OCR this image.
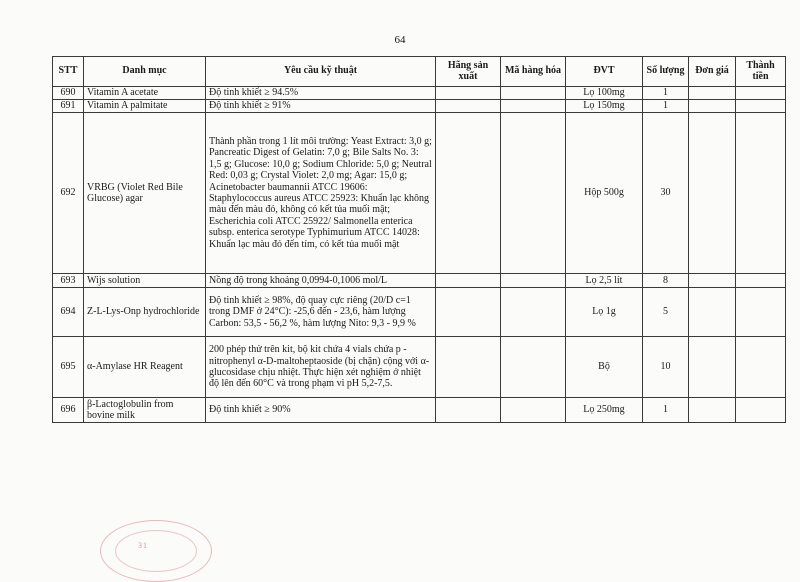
64
STT	Danh mục	Yêu cầu kỹ thuật	Hãng sản xuất	Mã hàng hóa	ĐVT	Số lượng	Đơn giá	Thành tiền
690	Vitamin A acetate	Độ tinh khiết ≥ 94.5%			Lọ 100mg	1		
691	Vitamin A palmitate	Độ tinh khiết ≥ 91%			Lọ 150mg	1		
692	VRBG (Violet Red Bile Glucose) agar	Thành phần trong 1 lít môi trường: Yeast Extract: 3,0 g; Pancreatic Digest of Gelatin: 7,0 g; Bile Salts No. 3: 1,5 g; Glucose: 10,0 g; Sodium Chloride: 5,0 g; Neutral Red: 0,03 g; Crystal Violet: 2,0 mg; Agar: 15,0 g; Acinetobacter baumannii ATCC 19606: Staphylococcus aureus ATCC 25923: Khuẩn lạc không màu đến màu đỏ, không có kết tủa muối mật; Escherichia coli ATCC 25922/ Salmonella enterica subsp. enterica serotype Typhimurium ATCC 14028: Khuẩn lạc màu đỏ đến tím, có kết tủa muối mật			Hộp 500g	30		
693	Wijs solution	Nồng độ trong khoảng 0,0994-0,1006 mol/L			Lọ 2,5 lít	8		
694	Z-L-Lys-Onp hydrochloride	Độ tinh khiết ≥ 98%, độ quay cực riêng (20/D c=1 trong DMF ở 24°C): -25,6 đến - 23,6, hàm lượng Carbon: 53,5 - 56,2 %, hàm lượng Nito: 9,3 - 9,9 %			Lọ 1g	5		
695	α-Amylase HR Reagent	200 phép thử trên kit, bộ kit chứa 4 vials chứa p - nitrophenyl α-D-maltoheptaoside (bị chặn) cộng với α-glucosidase chịu nhiệt. Thực hiện xét nghiệm ở nhiệt độ lên đến 60°C và trong phạm vi pH 5,2-7,5.			Bộ	10		
696	β-Lactoglobulin from bovine milk	Độ tinh khiết ≥ 90%			Lọ 250mg	1		
31
